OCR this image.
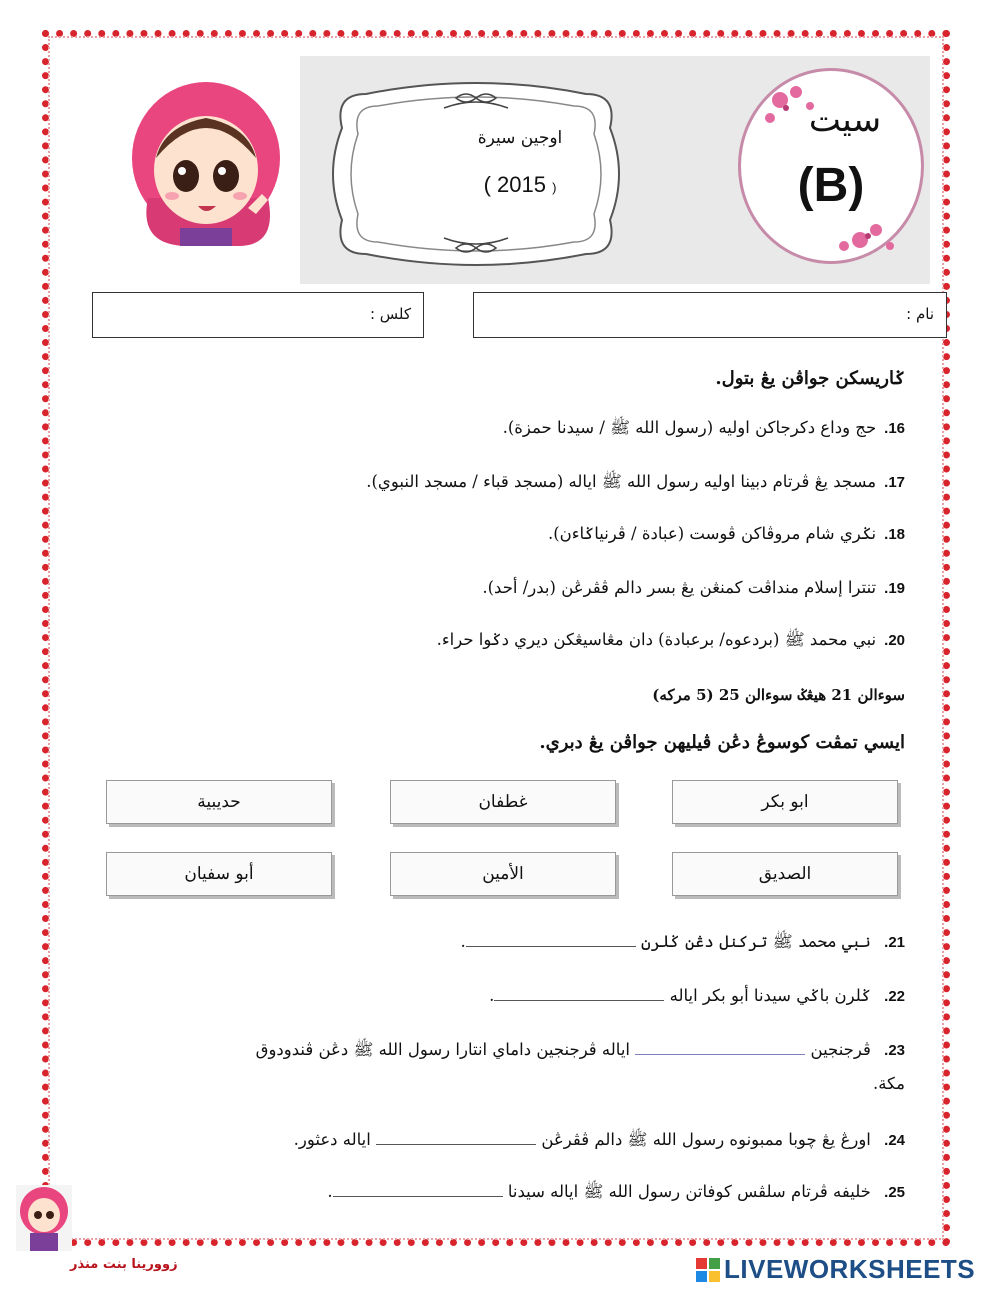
اوجين سيرة
( 2015 )
سيت
(B)
نام :
كلس :
ݢاريسكن جواڤن يڠ بتول.
16.حج وداع دكرجاكن اوليه (رسول الله ﷺ / سيدنا حمزة).
17.مسجد يڠ ڤرتام دبينا اوليه رسول الله ﷺ اياله (مسجد قباء / مسجد النبوي).
18.نݢري شام مروڤاكن ڤوست (عبادة / ڤرنياݢاءن).
19.تنترا إسلام منداڤت كمنڠن يڠ بسر دالم ڤڤرڠن (بدر/ أحد).
20.نبي محمد ﷺ (بردعوه/ برعبادة) دان مڠاسيڠكن ديري دݢوا حراء.
سوءالن 21 هيڠݢ سوءالن 25 (5 مركه)
ايسي تمڤت كوسوڠ دڠن ڤيليهن جواڤن يڠ دبري.
ابو بكر
غطفان
حديبية
الصديق
الأمين
أبو سفيان
21. نبي محمد ﷺ تركنل دڠن ݢلرن .
22. ݢلرن باݢي سيدنا أبو بكر اياله .
23. ڤرجنجين  اياله ڤرجنجين داماي انتارا رسول الله ﷺ دڠن ڤندودوق
مكة.
24. اورڠ يڠ چوبا ممبونوه رسول الله ﷺ دالم ڤڤرڠن  اياله دعثور.
25. خليفه ڤرتام سلڤس كوفاتن رسول الله ﷺ اياله سيدنا .
زوورينا بنت منذر	LIVEWORKSHEETS
